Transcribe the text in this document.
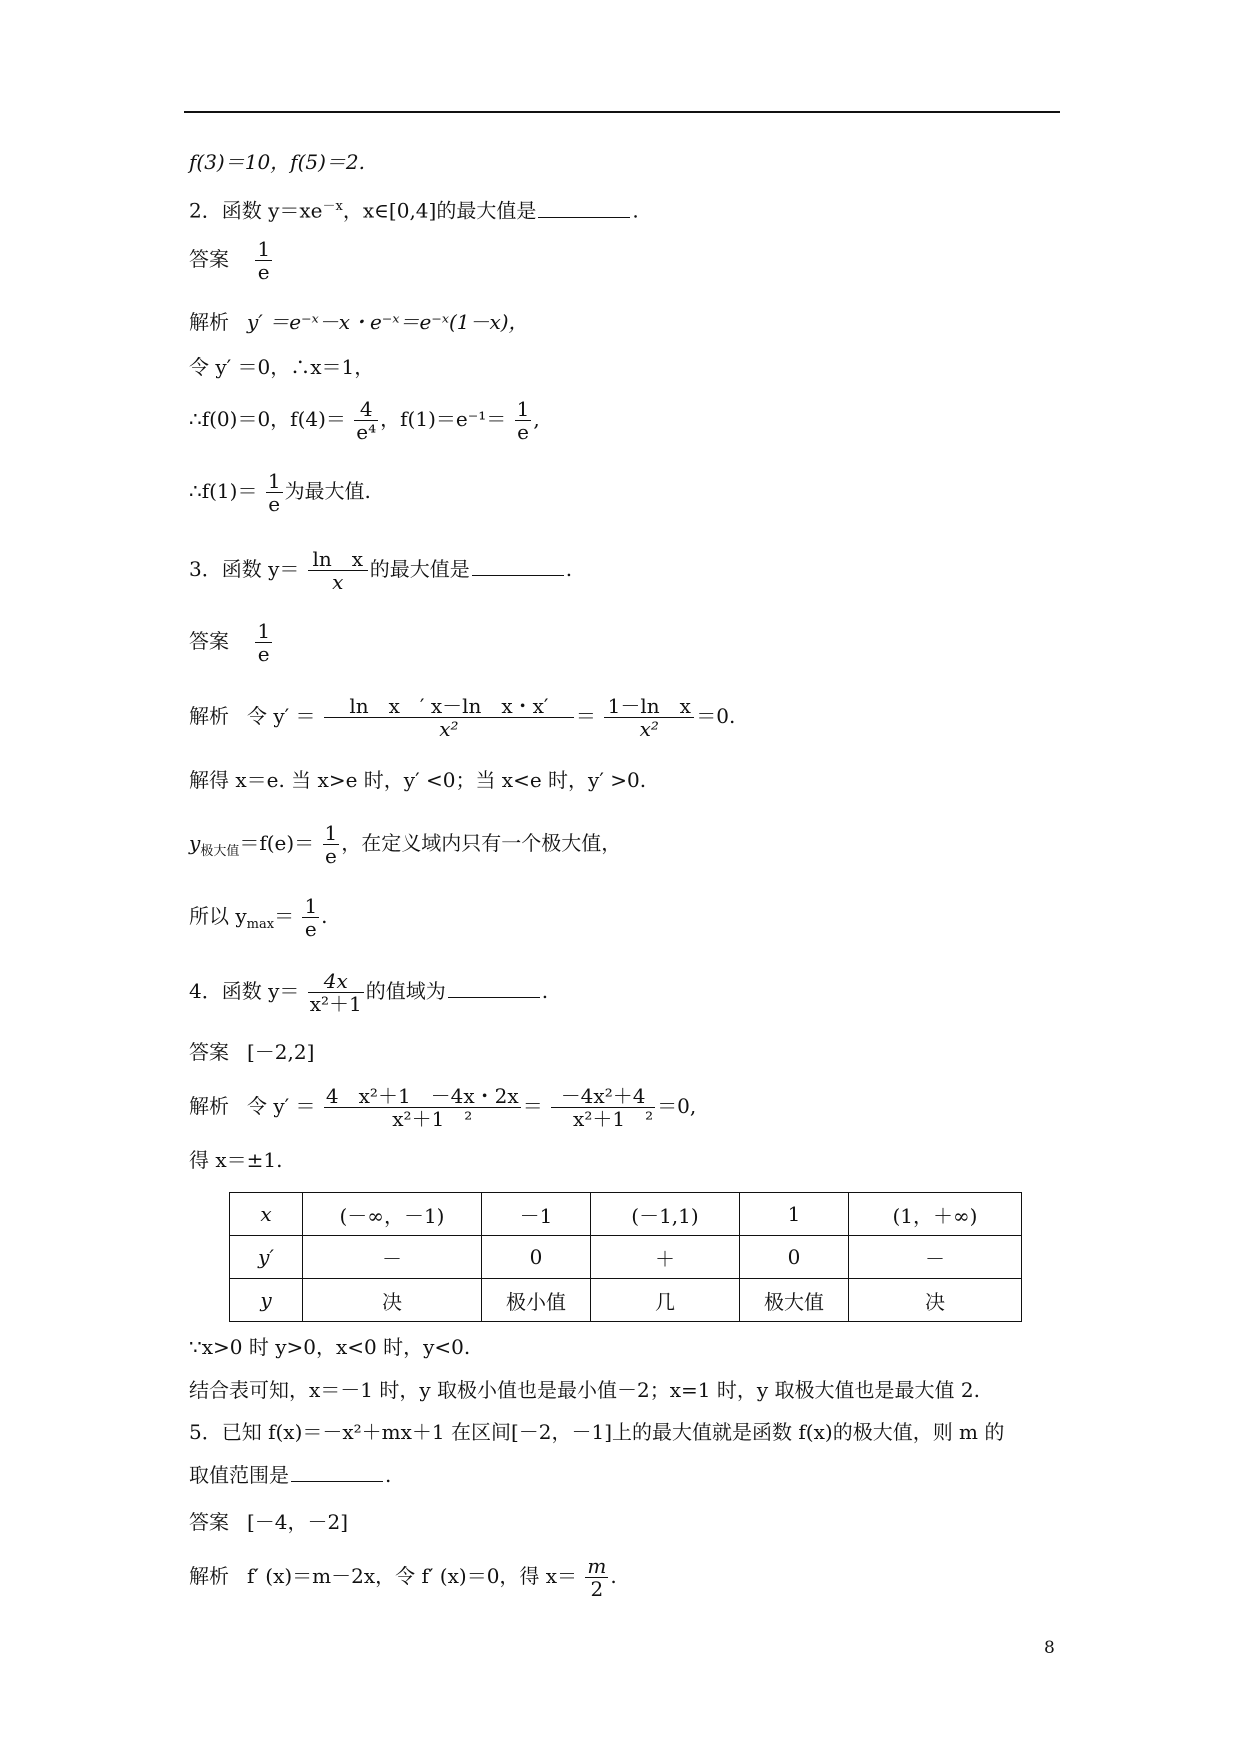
f(3)＝10，f(5)＝2.
2．函数 $y=xe^{-x}$，x∈[0,4]的最大值是	.
答案 $\frac{1}{e}$
解析 y′ ＝e⁻ˣ－x・e⁻ˣ＝e⁻ˣ(1－x)，
令 y′ ＝0，∴x＝1，
∴f(0)＝0，$f(4)= \frac{4}{\text{e⁴}}$ ，$f(1)=e^{-1}= \frac{1}{e}$ ,
∴f(1)＝ $\frac{1}{e}$ 为最大值.
3．函数 $y= \frac{\text{ln　x}}{x}$ 的最大值是	.
答案 $\frac{1}{e}$
解析 令 $y' = \frac{\text{ln　x　′ x－ln　x・x′}}{\text{x²}} = \frac{\text{1－ln　x}}{\text{x²}} =0$.
解得 x＝e. 当 x>e 时，y′ <0；当 x<e 时，y′ >0.
$y_{极大值}=f(e)= \frac{1}{e}$ ，在定义域内只有一个极大值，
所以 $y_{max}= \frac{1}{e}$ .
4．函数 $y= \frac{4x}{\text{x²＋1}}$ 的值域为	.
答案 [－2,2]
解析 令 $y' = \frac{\text{4　x²＋1　－4x・2x}}{\text{x²＋1　²}} = \frac{\text{－4x²＋4}}{\text{x²＋1　²}} =0$,
得 x＝±1.
x	(－∞，－1)	－1	(－1,1)	1	(1，＋∞)
y′	－	0	＋	0	－
y	决	极小值	几	极大值	决
∵x>0 时 y>0，x<0 时，y<0.
结合表可知，x＝－1 时，y 取极小值也是最小值－2；x=1 时，y 取极大值也是最大值 2.
5．已知 f(x)＝－x²＋mx＋1 在区间[－2，－1]上的最大值就是函数 f(x)的极大值，则 m 的
取值范围是	.
答案 [－4，－2]
解析 f′ (x)＝m－2x，令 f′ (x)＝0，得 $x= \frac{m}{2}$ .
8
